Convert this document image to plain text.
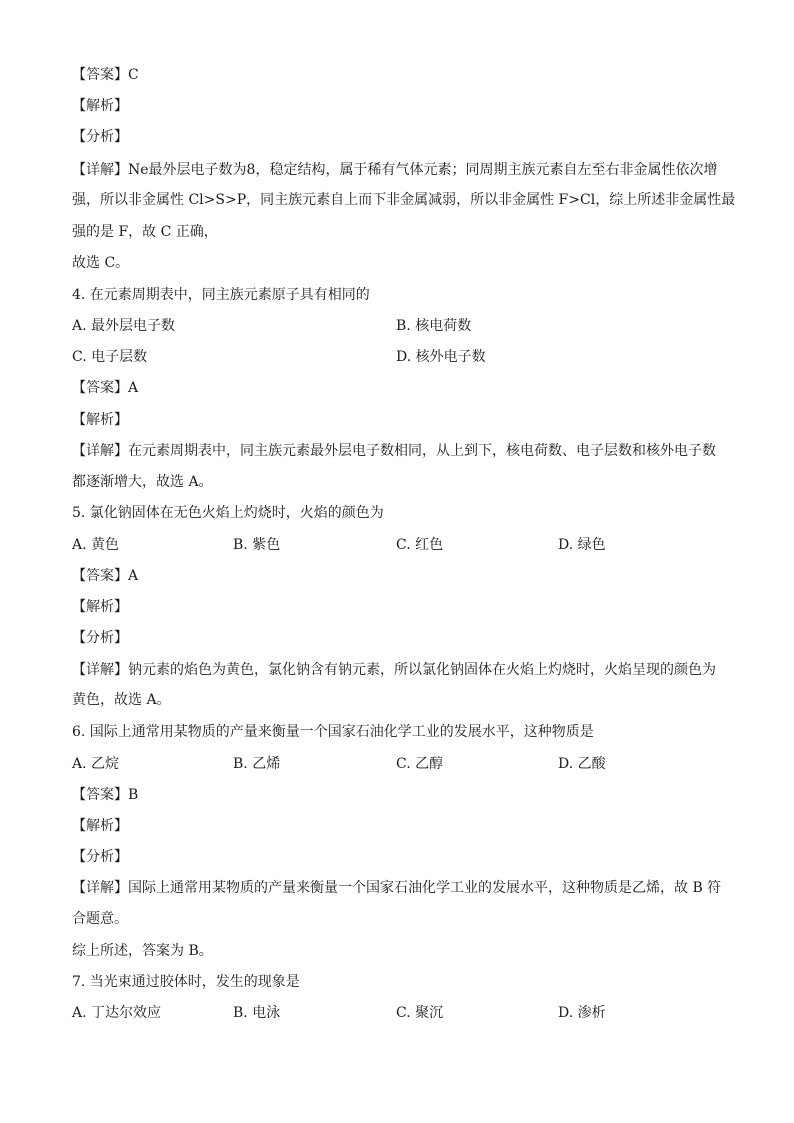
【答案】C
【解析】
【分析】
【详解】Ne最外层电子数为8，稳定结构，属于稀有气体元素；同周期主族元素自左至右非金属性依次增
强，所以非金属性 Cl>S>P，同主族元素自上而下非金属减弱，所以非金属性 F>Cl，综上所述非金属性最
强的是 F，故 C 正确，
故选 C。
4. 在元素周期表中，同主族元素原子具有相同的
A. 最外层电子数	B. 核电荷数
C. 电子层数	D. 核外电子数
【答案】A
【解析】
【详解】在元素周期表中，同主族元素最外层电子数相同，从上到下，核电荷数、电子层数和核外电子数
都逐渐增大，故选 A。
5. 氯化钠固体在无色火焰上灼烧时，火焰的颜色为
A. 黄色	B. 紫色	C. 红色	D. 绿色
【答案】A
【解析】
【分析】
【详解】钠元素的焰色为黄色，氯化钠含有钠元素，所以氯化钠固体在火焰上灼烧时，火焰呈现的颜色为
黄色，故选 A。
6. 国际上通常用某物质的产量来衡量一个国家石油化学工业的发展水平，这种物质是
A. 乙烷	B. 乙烯	C. 乙醇	D. 乙酸
【答案】B
【解析】
【分析】
【详解】国际上通常用某物质的产量来衡量一个国家石油化学工业的发展水平，这种物质是乙烯，故 B 符
合题意。
综上所述，答案为 B。
7. 当光束通过胶体时，发生的现象是
A. 丁达尔效应	B. 电泳	C. 聚沉	D. 渗析
